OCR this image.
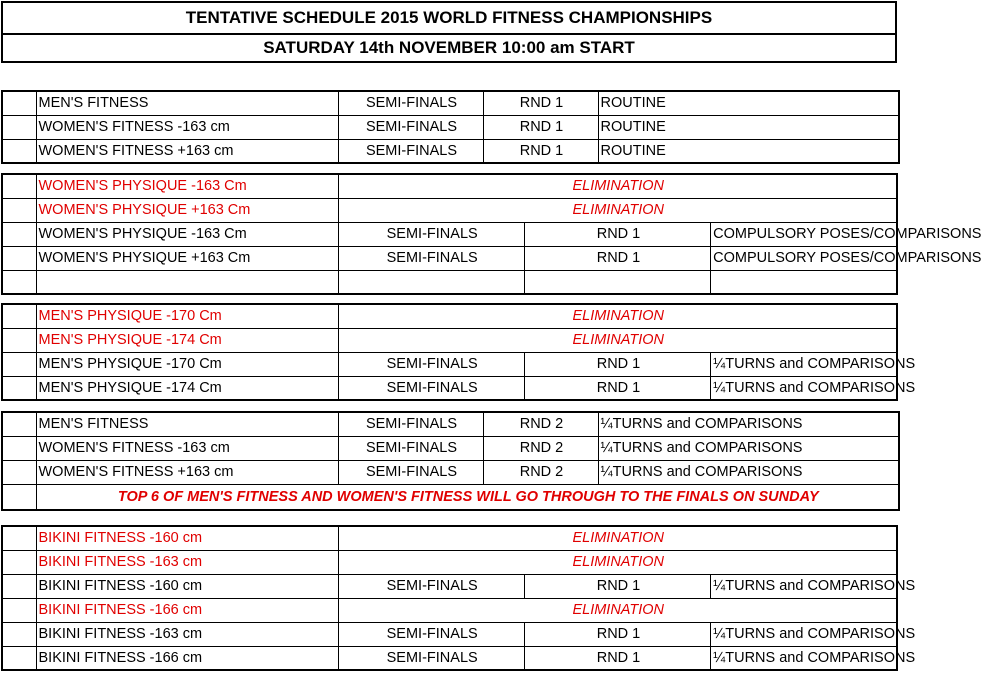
TENTATIVE SCHEDULE 2015 WORLD FITNESS CHAMPIONSHIPS
SATURDAY 14th NOVEMBER 10:00 am START
	MEN'S FITNESS	SEMI-FINALS	RND 1	ROUTINE
	WOMEN'S FITNESS -163 cm	SEMI-FINALS	RND 1	ROUTINE
	WOMEN'S FITNESS +163 cm	SEMI-FINALS	RND 1	ROUTINE
	WOMEN'S PHYSIQUE -163 Cm	ELIMINATION		
	WOMEN'S PHYSIQUE +163 Cm	ELIMINATION		
	WOMEN'S PHYSIQUE -163 Cm	SEMI-FINALS	RND 1	COMPULSORY POSES/COMPARISONS
	WOMEN'S PHYSIQUE +163 Cm	SEMI-FINALS	RND 1	COMPULSORY POSES/COMPARISONS

	MEN'S PHYSIQUE -170 Cm	ELIMINATION		
	MEN'S PHYSIQUE -174 Cm	ELIMINATION		
	MEN'S PHYSIQUE -170 Cm	SEMI-FINALS	RND 1	¼TURNS and COMPARISONS
	MEN'S PHYSIQUE -174 Cm	SEMI-FINALS	RND 1	¼TURNS and COMPARISONS
	MEN'S FITNESS	SEMI-FINALS	RND 2	¼TURNS and COMPARISONS
	WOMEN'S FITNESS -163 cm	SEMI-FINALS	RND 2	¼TURNS and COMPARISONS
	WOMEN'S FITNESS +163 cm	SEMI-FINALS	RND 2	¼TURNS and COMPARISONS
	TOP 6 OF MEN'S FITNESS AND WOMEN'S FITNESS WILL GO THROUGH TO THE FINALS ON SUNDAY			
	BIKINI FITNESS -160 cm	ELIMINATION		
	BIKINI FITNESS -163 cm	ELIMINATION		
	BIKINI FITNESS -160 cm	SEMI-FINALS	RND 1	¼TURNS and COMPARISONS
	BIKINI FITNESS -166 cm	ELIMINATION		
	BIKINI FITNESS -163 cm	SEMI-FINALS	RND 1	¼TURNS and COMPARISONS
	BIKINI FITNESS -166 cm	SEMI-FINALS	RND 1	¼TURNS and COMPARISONS
